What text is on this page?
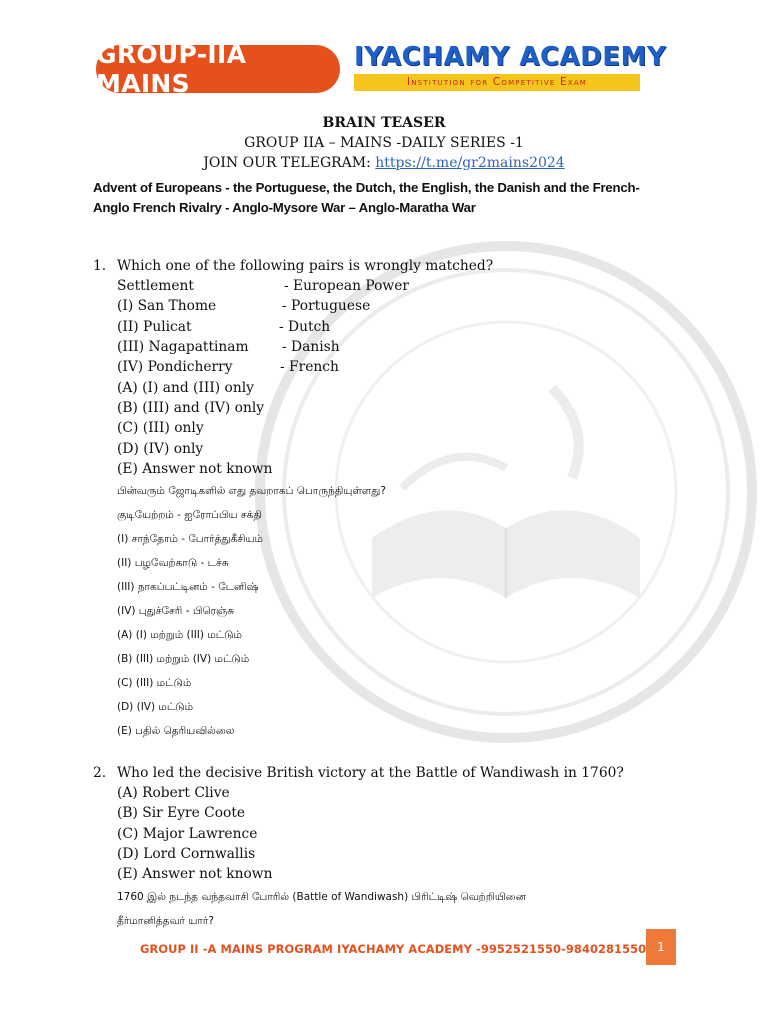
GROUP-IIA MAINS
IYACHAMY ACADEMY
Institution for Competitive Exam
BRAIN TEASER
GROUP IIA – MAINS -DAILY SERIES -1
JOIN OUR TELEGRAM: https://t.me/gr2mains2024
Advent of Europeans - the Portuguese, the Dutch, the English, the Danish and the French-
Anglo French Rivalry - Anglo-Mysore War – Anglo-Maratha War
1. Which one of the following pairs is wrongly matched?
Settlement	- European Power
(I) San Thome	- Portuguese
(II) Pulicat	- Dutch
(III) Nagapattinam - Danish
(IV) Pondicherry	- French
(A) (I) and (III) only
(B) (III) and (IV) only
(C) (III) only
(D) (IV) only
(E) Answer not known
பின்வரும் ஜோடிகளில் எது தவறாகப் பொருந்தியுள்ளது?
குடியேற்றம் - ஐரோப்பிய சக்தி
(I) சாந்தோம் - போர்த்துகீசியம்
(II) பழவேற்காடு - டச்சு
(III) நாகப்பட்டினம் - டேனிஷ்
(IV) புதுச்சேரி - பிரெஞ்சு
(A) (I) மற்றும் (III) மட்டும்
(B) (III) மற்றும் (IV) மட்டும்
(C) (III) மட்டும்
(D) (IV) மட்டும்
(E) பதில் தெரியவில்லை
2. Who led the decisive British victory at the Battle of Wandiwash in 1760?
(A) Robert Clive
(B) Sir Eyre Coote
(C) Major Lawrence
(D) Lord Cornwallis
(E) Answer not known
1760 இல் நடந்த வந்தவாசி போரில் (Battle of Wandiwash) பிரிட்டிஷ் வெற்றியினை
தீர்மானித்தவர் யார்?
GROUP II -A MAINS PROGRAM IYACHAMY ACADEMY -9952521550-9840281550 1
